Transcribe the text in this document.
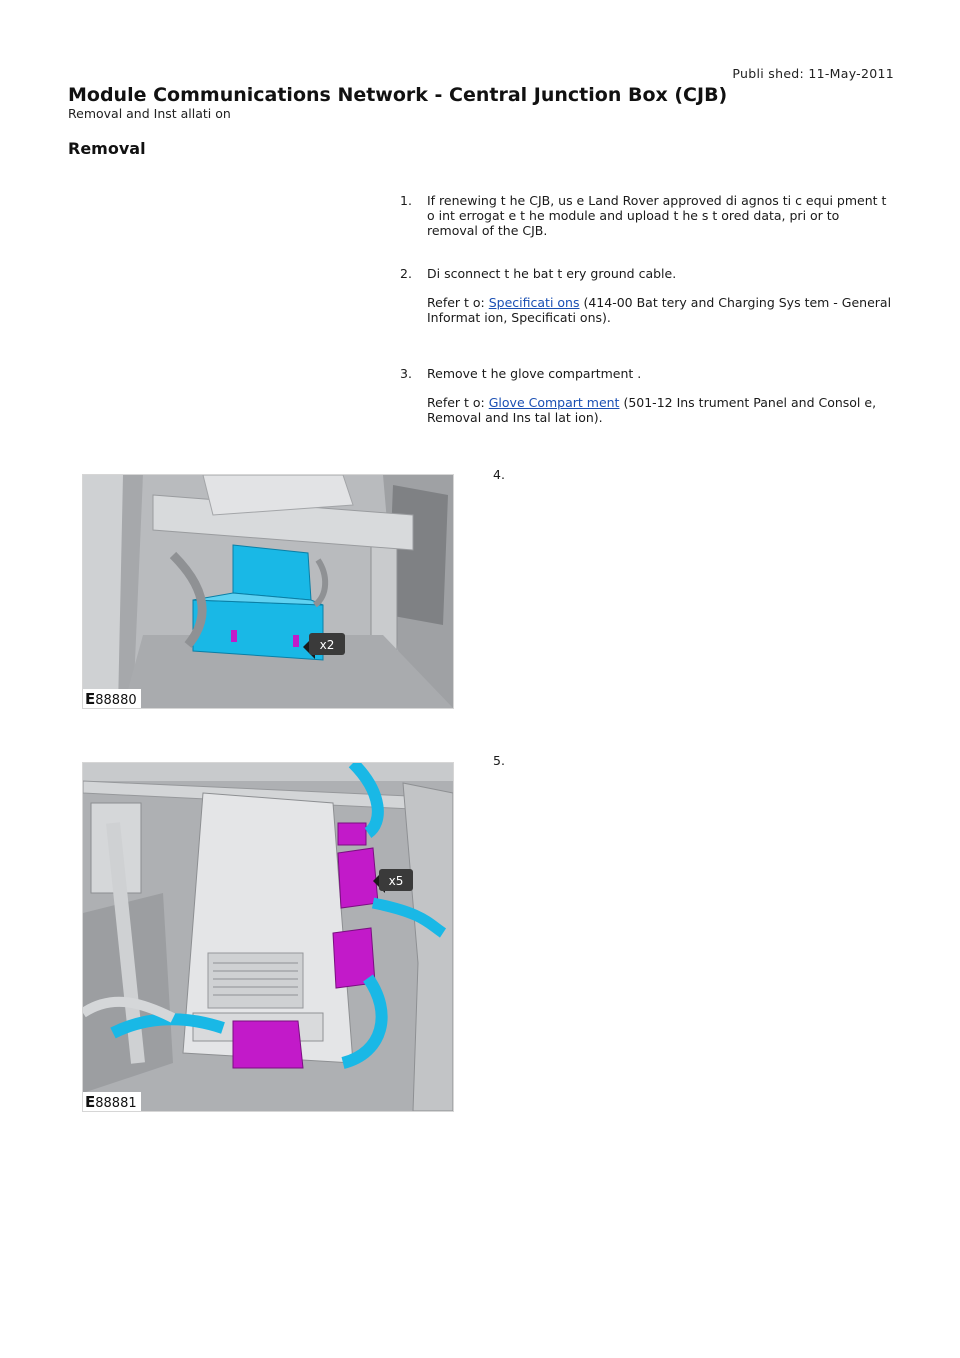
Publi shed: 11-May-2011
Module Communications Network - Central Junction Box (CJB)
Removal and Inst allati on
Removal
1. If renewing t he CJB, us e Land Rover approved di agnos ti c equi pment t o int errogat e t he module and upload t he s t ored data, pri or to removal of the CJB.
2. Di sconnect t he bat t ery ground cable.
Refer t o: Specificati ons (414-00 Bat tery and Charging Sys tem - General Informat ion, Specificati ons).
3. Remove t he glove compartment .
Refer t o: Glove Compart ment (501-12 Ins trument Panel and Consol e, Removal and Ins tal lat ion).
4.
x2
E88880
5.
x5
E88881
